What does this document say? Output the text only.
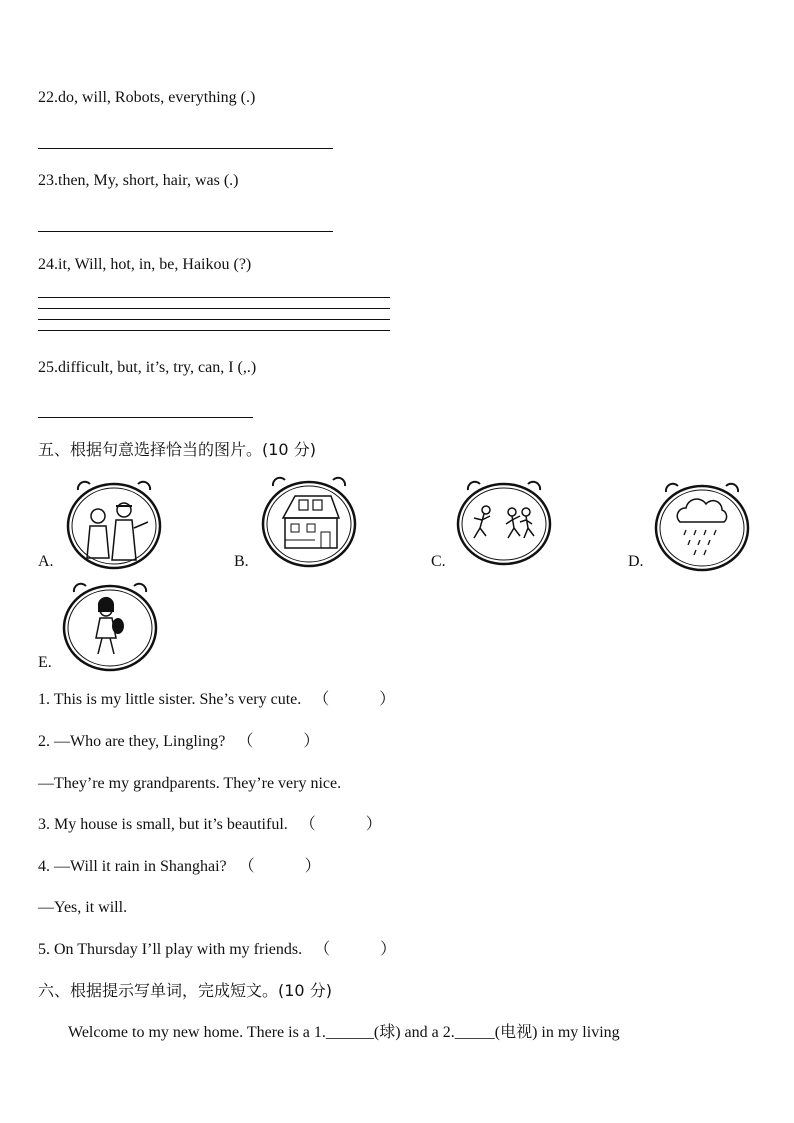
22.do, will, Robots, everything (.)
23.then, My, short, hair, was (.)
24.it, Will, hot, in, be, Haikou (?)
25.difficult, but, it’s, try, can, I (,.)
五、根据句意选择恰当的图片。(10 分)
A.	B.	C.	D.
E.
1. This is my little sister. She’s very cute. （	）
2. —Who are they, Lingling? （	）
—They’re my grandparents. They’re very nice.
3. My house is small, but it’s beautiful. （	）
4. —Will it rain in Shanghai? （	）
—Yes, it will.
5. On Thursday I’ll play with my friends. （	）
六、根据提示写单词，完成短文。(10 分)
Welcome to my new home. There is a 1.______(球) and a 2._____(电视) in my living
